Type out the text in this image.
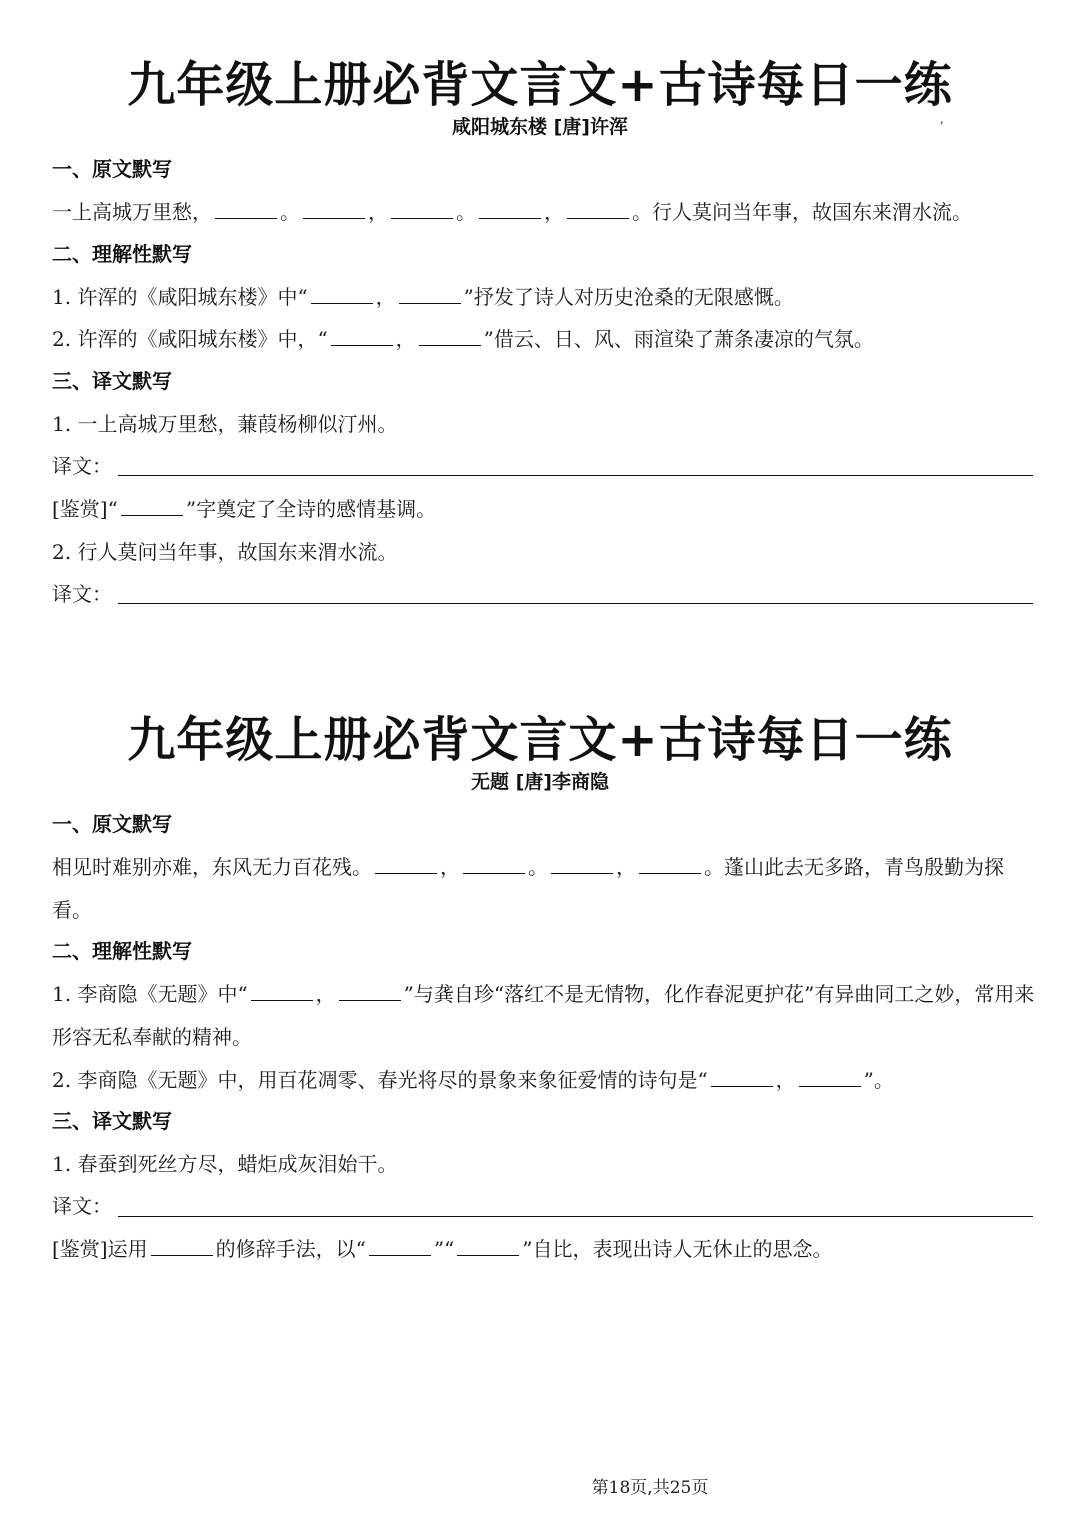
九年级上册必背文言文+古诗每日一练
,
咸阳城东楼 [唐]许浑
一、原文默写
一上高城万里愁，	。	，	。	，	。行人莫问当年事，故国东来渭水流。
二、理解性默写
1. 许浑的《咸阳城东楼》中“	，	”抒发了诗人对历史沧桑的无限感慨。
2. 许浑的《咸阳城东楼》中，“	，	”借云、日、风、雨渲染了萧条凄凉的气氛。
三、译文默写
1. 一上高城万里愁，蒹葭杨柳似汀州。
译文：
[鉴赏]“	”字奠定了全诗的感情基调。
2. 行人莫问当年事，故国东来渭水流。
译文：
九年级上册必背文言文+古诗每日一练
无题 [唐]李商隐
一、原文默写
相见时难别亦难，东风无力百花残。	，	。	，	。蓬山此去无多路，青鸟殷勤为探看。
二、理解性默写
1. 李商隐《无题》中“	，	”与龚自珍“落红不是无情物，化作春泥更护花”有异曲同工之妙，常用来形容无私奉献的精神。
2. 李商隐《无题》中，用百花凋零、春光将尽的景象来象征爱情的诗句是“	，	”。
三、译文默写
1. 春蚕到死丝方尽，蜡炬成灰泪始干。
译文：
[鉴赏]运用	的修辞手法，以“	”“	”自比，表现出诗人无休止的思念。
第18页,共25页
